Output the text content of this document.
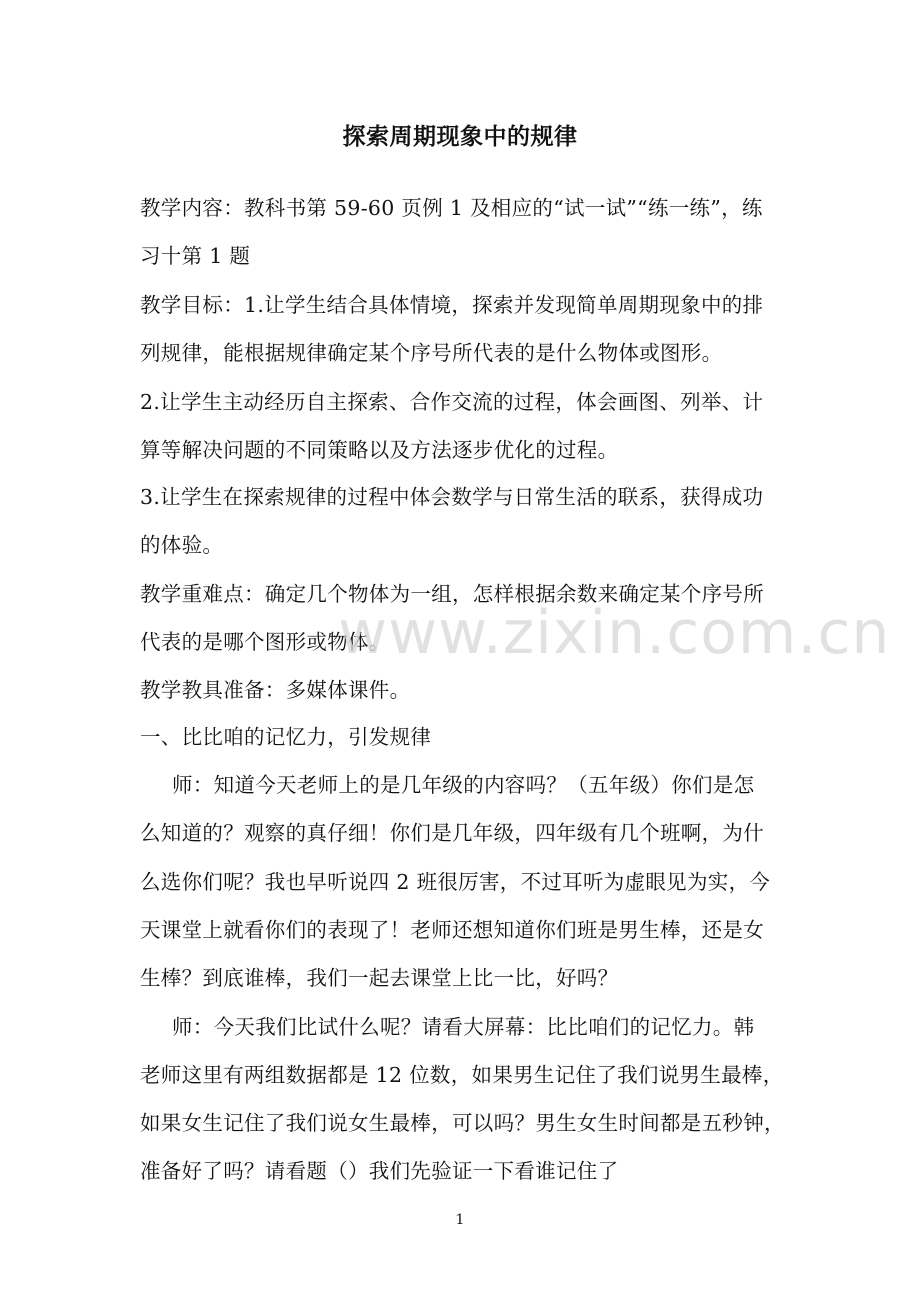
探索周期现象中的规律
教学内容：教科书第 59-60 页例 1 及相应的“试一试”“练一练”，练
习十第 1 题
教学目标：1.让学生结合具体情境，探索并发现简单周期现象中的排
列规律，能根据规律确定某个序号所代表的是什么物体或图形。
2.让学生主动经历自主探索、合作交流的过程，体会画图、列举、计
算等解决问题的不同策略以及方法逐步优化的过程。
3.让学生在探索规律的过程中体会数学与日常生活的联系，获得成功
的体验。
教学重难点：确定几个物体为一组，怎样根据余数来确定某个序号所
代表的是哪个图形或物体。
教学教具准备：多媒体课件。
一、比比咱的记忆力，引发规律
师：知道今天老师上的是几年级的内容吗？（五年级）你们是怎
么知道的？观察的真仔细！你们是几年级，四年级有几个班啊，为什
么选你们呢？我也早听说四 2 班很厉害，不过耳听为虚眼见为实，今
天课堂上就看你们的表现了！老师还想知道你们班是男生棒，还是女
生棒？到底谁棒，我们一起去课堂上比一比，好吗？
师：今天我们比试什么呢？请看大屏幕：比比咱们的记忆力。韩
老师这里有两组数据都是 12 位数，如果男生记住了我们说男生最棒，
如果女生记住了我们说女生最棒，可以吗？男生女生时间都是五秒钟，
准备好了吗？请看题（）我们先验证一下看谁记住了
www.zixin.com.cn
1
